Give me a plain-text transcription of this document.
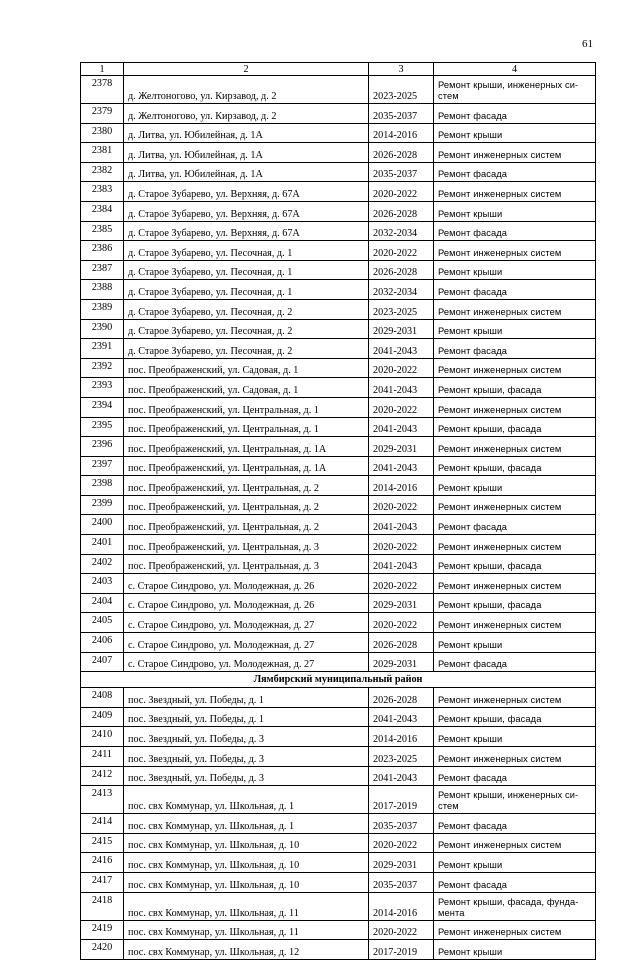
61
1	2	3	4
2378	д. Желтоногово, ул. Кирзавод, д. 2	2023-2025	Ремонт крыши, инженерных си-стем
2379	д. Желтоногово, ул. Кирзавод, д. 2	2035-2037	Ремонт фасада
2380	д. Литва, ул. Юбилейная, д. 1А	2014-2016	Ремонт крыши
2381	д. Литва, ул. Юбилейная, д. 1А	2026-2028	Ремонт инженерных систем
2382	д. Литва, ул. Юбилейная, д. 1А	2035-2037	Ремонт фасада
2383	д. Старое Зубарево, ул. Верхняя, д. 67А	2020-2022	Ремонт инженерных систем
2384	д. Старое Зубарево, ул. Верхняя, д. 67А	2026-2028	Ремонт крыши
2385	д. Старое Зубарево, ул. Верхняя, д. 67А	2032-2034	Ремонт фасада
2386	д. Старое Зубарево, ул. Песочная, д. 1	2020-2022	Ремонт инженерных систем
2387	д. Старое Зубарево, ул. Песочная, д. 1	2026-2028	Ремонт крыши
2388	д. Старое Зубарево, ул. Песочная, д. 1	2032-2034	Ремонт фасада
2389	д. Старое Зубарево, ул. Песочная, д. 2	2023-2025	Ремонт инженерных систем
2390	д. Старое Зубарево, ул. Песочная, д. 2	2029-2031	Ремонт крыши
2391	д. Старое Зубарево, ул. Песочная, д. 2	2041-2043	Ремонт фасада
2392	пос. Преображенский, ул. Садовая, д. 1	2020-2022	Ремонт инженерных систем
2393	пос. Преображенский, ул. Садовая, д. 1	2041-2043	Ремонт крыши, фасада
2394	пос. Преображенский, ул. Центральная, д. 1	2020-2022	Ремонт инженерных систем
2395	пос. Преображенский, ул. Центральная, д. 1	2041-2043	Ремонт крыши, фасада
2396	пос. Преображенский, ул. Центральная, д. 1А	2029-2031	Ремонт инженерных систем
2397	пос. Преображенский, ул. Центральная, д. 1А	2041-2043	Ремонт крыши, фасада
2398	пос. Преображенский, ул. Центральная, д. 2	2014-2016	Ремонт крыши
2399	пос. Преображенский, ул. Центральная, д. 2	2020-2022	Ремонт инженерных систем
2400	пос. Преображенский, ул. Центральная, д. 2	2041-2043	Ремонт фасада
2401	пос. Преображенский, ул. Центральная, д. 3	2020-2022	Ремонт инженерных систем
2402	пос. Преображенский, ул. Центральная, д. 3	2041-2043	Ремонт крыши, фасада
2403	с. Старое Синдрово, ул. Молодежная, д. 26	2020-2022	Ремонт инженерных систем
2404	с. Старое Синдрово, ул. Молодежная, д. 26	2029-2031	Ремонт крыши, фасада
2405	с. Старое Синдрово, ул. Молодежная, д. 27	2020-2022	Ремонт инженерных систем
2406	с. Старое Синдрово, ул. Молодежная, д. 27	2026-2028	Ремонт крыши
2407	с. Старое Синдрово, ул. Молодежная, д. 27	2029-2031	Ремонт фасада
Лямбирский муниципальный район			
2408	пос. Звездный, ул. Победы, д. 1	2026-2028	Ремонт инженерных систем
2409	пос. Звездный, ул. Победы, д. 1	2041-2043	Ремонт крыши, фасада
2410	пос. Звездный, ул. Победы, д. 3	2014-2016	Ремонт крыши
2411	пос. Звездный, ул. Победы, д. 3	2023-2025	Ремонт инженерных систем
2412	пос. Звездный, ул. Победы, д. 3	2041-2043	Ремонт фасада
2413	пос. свх Коммунар, ул. Школьная, д. 1	2017-2019	Ремонт крыши, инженерных си-стем
2414	пос. свх Коммунар, ул. Школьная, д. 1	2035-2037	Ремонт фасада
2415	пос. свх Коммунар, ул. Школьная, д. 10	2020-2022	Ремонт инженерных систем
2416	пос. свх Коммунар, ул. Школьная, д. 10	2029-2031	Ремонт крыши
2417	пос. свх Коммунар, ул. Школьная, д. 10	2035-2037	Ремонт фасада
2418	пос. свх Коммунар, ул. Школьная, д. 11	2014-2016	Ремонт крыши, фасада, фунда-мента
2419	пос. свх Коммунар, ул. Школьная, д. 11	2020-2022	Ремонт инженерных систем
2420	пос. свх Коммунар, ул. Школьная, д. 12	2017-2019	Ремонт крыши
